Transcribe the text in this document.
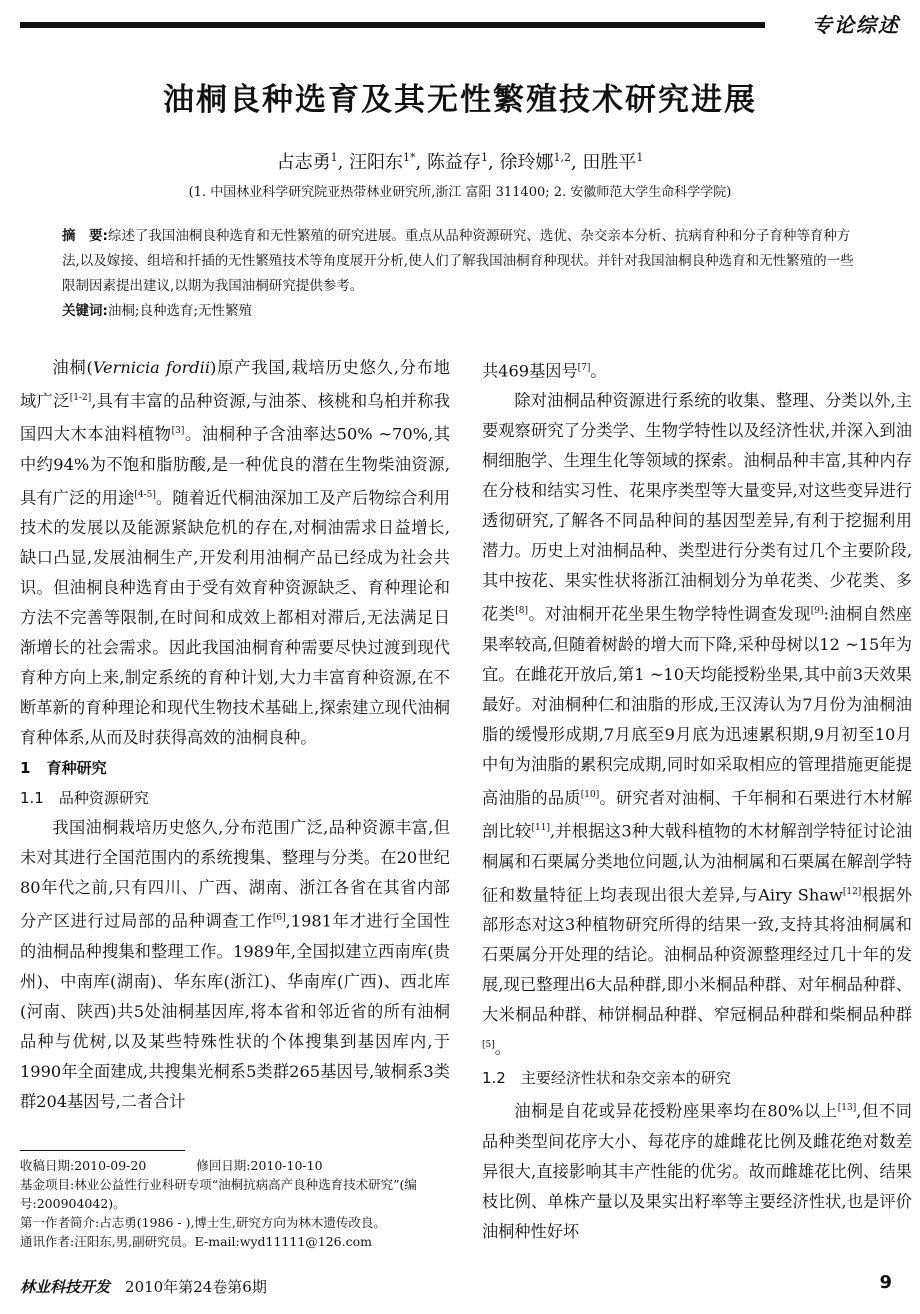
专论综述
油桐良种选育及其无性繁殖技术研究进展
占志勇$^1$, 汪阳东$^{1*}$, 陈益存$^1$, 徐玲娜$^{1,2}$, 田胜平$^1$
(1. 中国林业科学研究院亚热带林业研究所,浙江 富阳 311400; 2. 安徽师范大学生命科学学院)
摘　要:综述了我国油桐良种选育和无性繁殖的研究进展。重点从品种资源研究、选优、杂交亲本分析、抗病育种和分子育种等育种方法,以及嫁接、组培和扦插的无性繁殖技术等角度展开分析,使人们了解我国油桐育种现状。并针对我国油桐良种选育和无性繁殖的一些限制因素提出建议,以期为我国油桐研究提供参考。
关键词:油桐;良种选育;无性繁殖

油桐(Vernicia fordii)原产我国,栽培历史悠久,分布地域广泛[1-2],具有丰富的品种资源,与油茶、核桃和乌桕并称我国四大木本油料植物[3]。油桐种子含油率达50% ~70%,其中约94%为不饱和脂肪酸,是一种优良的潜在生物柴油资源,具有广泛的用途[4-5]。随着近代桐油深加工及产后物综合利用技术的发展以及能源紧缺危机的存在,对桐油需求日益增长,缺口凸显,发展油桐生产,开发利用油桐产品已经成为社会共识。但油桐良种选育由于受有效育种资源缺乏、育种理论和方法不完善等限制,在时间和成效上都相对滞后,无法满足日渐增长的社会需求。因此我国油桐育种需要尽快过渡到现代育种方向上来,制定系统的育种计划,大力丰富育种资源,在不断革新的育种理论和现代生物技术基础上,探索建立现代油桐育种体系,从而及时获得高效的油桐良种。

1　 育种研究

1.1　 品种资源研究

我国油桐栽培历史悠久,分布范围广泛,品种资源丰富,但未对其进行全国范围内的系统搜集、整理与分类。在20世纪80年代之前,只有四川、广西、湖南、浙江各省在其省内部分产区进行过局部的品种调查工作[6],1981年才进行全国性的油桐品种搜集和整理工作。1989年,全国拟建立西南库(贵州)、中南库(湖南)、华东库(浙江)、华南库(广西)、西北库(河南、陕西)共5处油桐基因库,将本省和邻近省的所有油桐品种与优树,以及某些特殊性状的个体搜集到基因库内,于1990年全面建成,共搜集光桐系5类群265基因号,皱桐系3类群204基因号,二者合计

共469基因号[7]。

除对油桐品种资源进行系统的收集、整理、分类以外,主要观察研究了分类学、生物学特性以及经济性状,并深入到油桐细胞学、生理生化等领域的探索。油桐品种丰富,其种内存在分枝和结实习性、花果序类型等大量变异,对这些变异进行透彻研究,了解各不同品种间的基因型差异,有利于挖掘利用潜力。历史上对油桐品种、类型进行分类有过几个主要阶段,其中按花、果实性状将浙江油桐划分为单花类、少花类、多花类[8]。对油桐开花坐果生物学特性调查发现[9]:油桐自然座果率较高,但随着树龄的增大而下降,采种母树以12 ~15年为宜。在雌花开放后,第1 ~10天均能授粉坐果,其中前3天效果最好。对油桐种仁和油脂的形成,王汉涛认为7月份为油桐油脂的缓慢形成期,7月底至9月底为迅速累积期,9月初至10月中旬为油脂的累积完成期,同时如采取相应的管理措施更能提高油脂的品质[10]。研究者对油桐、千年桐和石栗进行木材解剖比较[11],并根据这3种大戟科植物的木材解剖学特征讨论油桐属和石栗属分类地位问题,认为油桐属和石栗属在解剖学特征和数量特征上均表现出很大差异,与Airy Shaw[12]根据外部形态对这3种植物研究所得的结果一致,支持其将油桐属和石栗属分开处理的结论。油桐品种资源整理经过几十年的发展,现已整理出6大品种群,即小米桐品种群、对年桐品种群、大米桐品种群、柿饼桐品种群、窄冠桐品种群和柴桐品种群[5]。

1.2　 主要经济性状和杂交亲本的研究

油桐是自花或异花授粉座果率均在80%以上[13],但不同品种类型间花序大小、每花序的雄雌花比例及雌花绝对数差异很大,直接影响其丰产性能的优劣。故而雌雄花比例、结果枝比例、单株产量以及果实出籽率等主要经济性状,也是评价油桐种性好坏

收稿日期:2010-09-20　　　　修回日期:2010-10-10
基金项目:林业公益性行业科研专项“油桐抗病高产良种选育技术研究”(编号:200904042)。
第一作者简介:占志勇(1986 - ),博士生,研究方向为林木遗传改良。
通讯作者:汪阳东,男,副研究员。E-mail:wyd11111@126.com
林业科技开发　 2010年第24卷第6期	9
